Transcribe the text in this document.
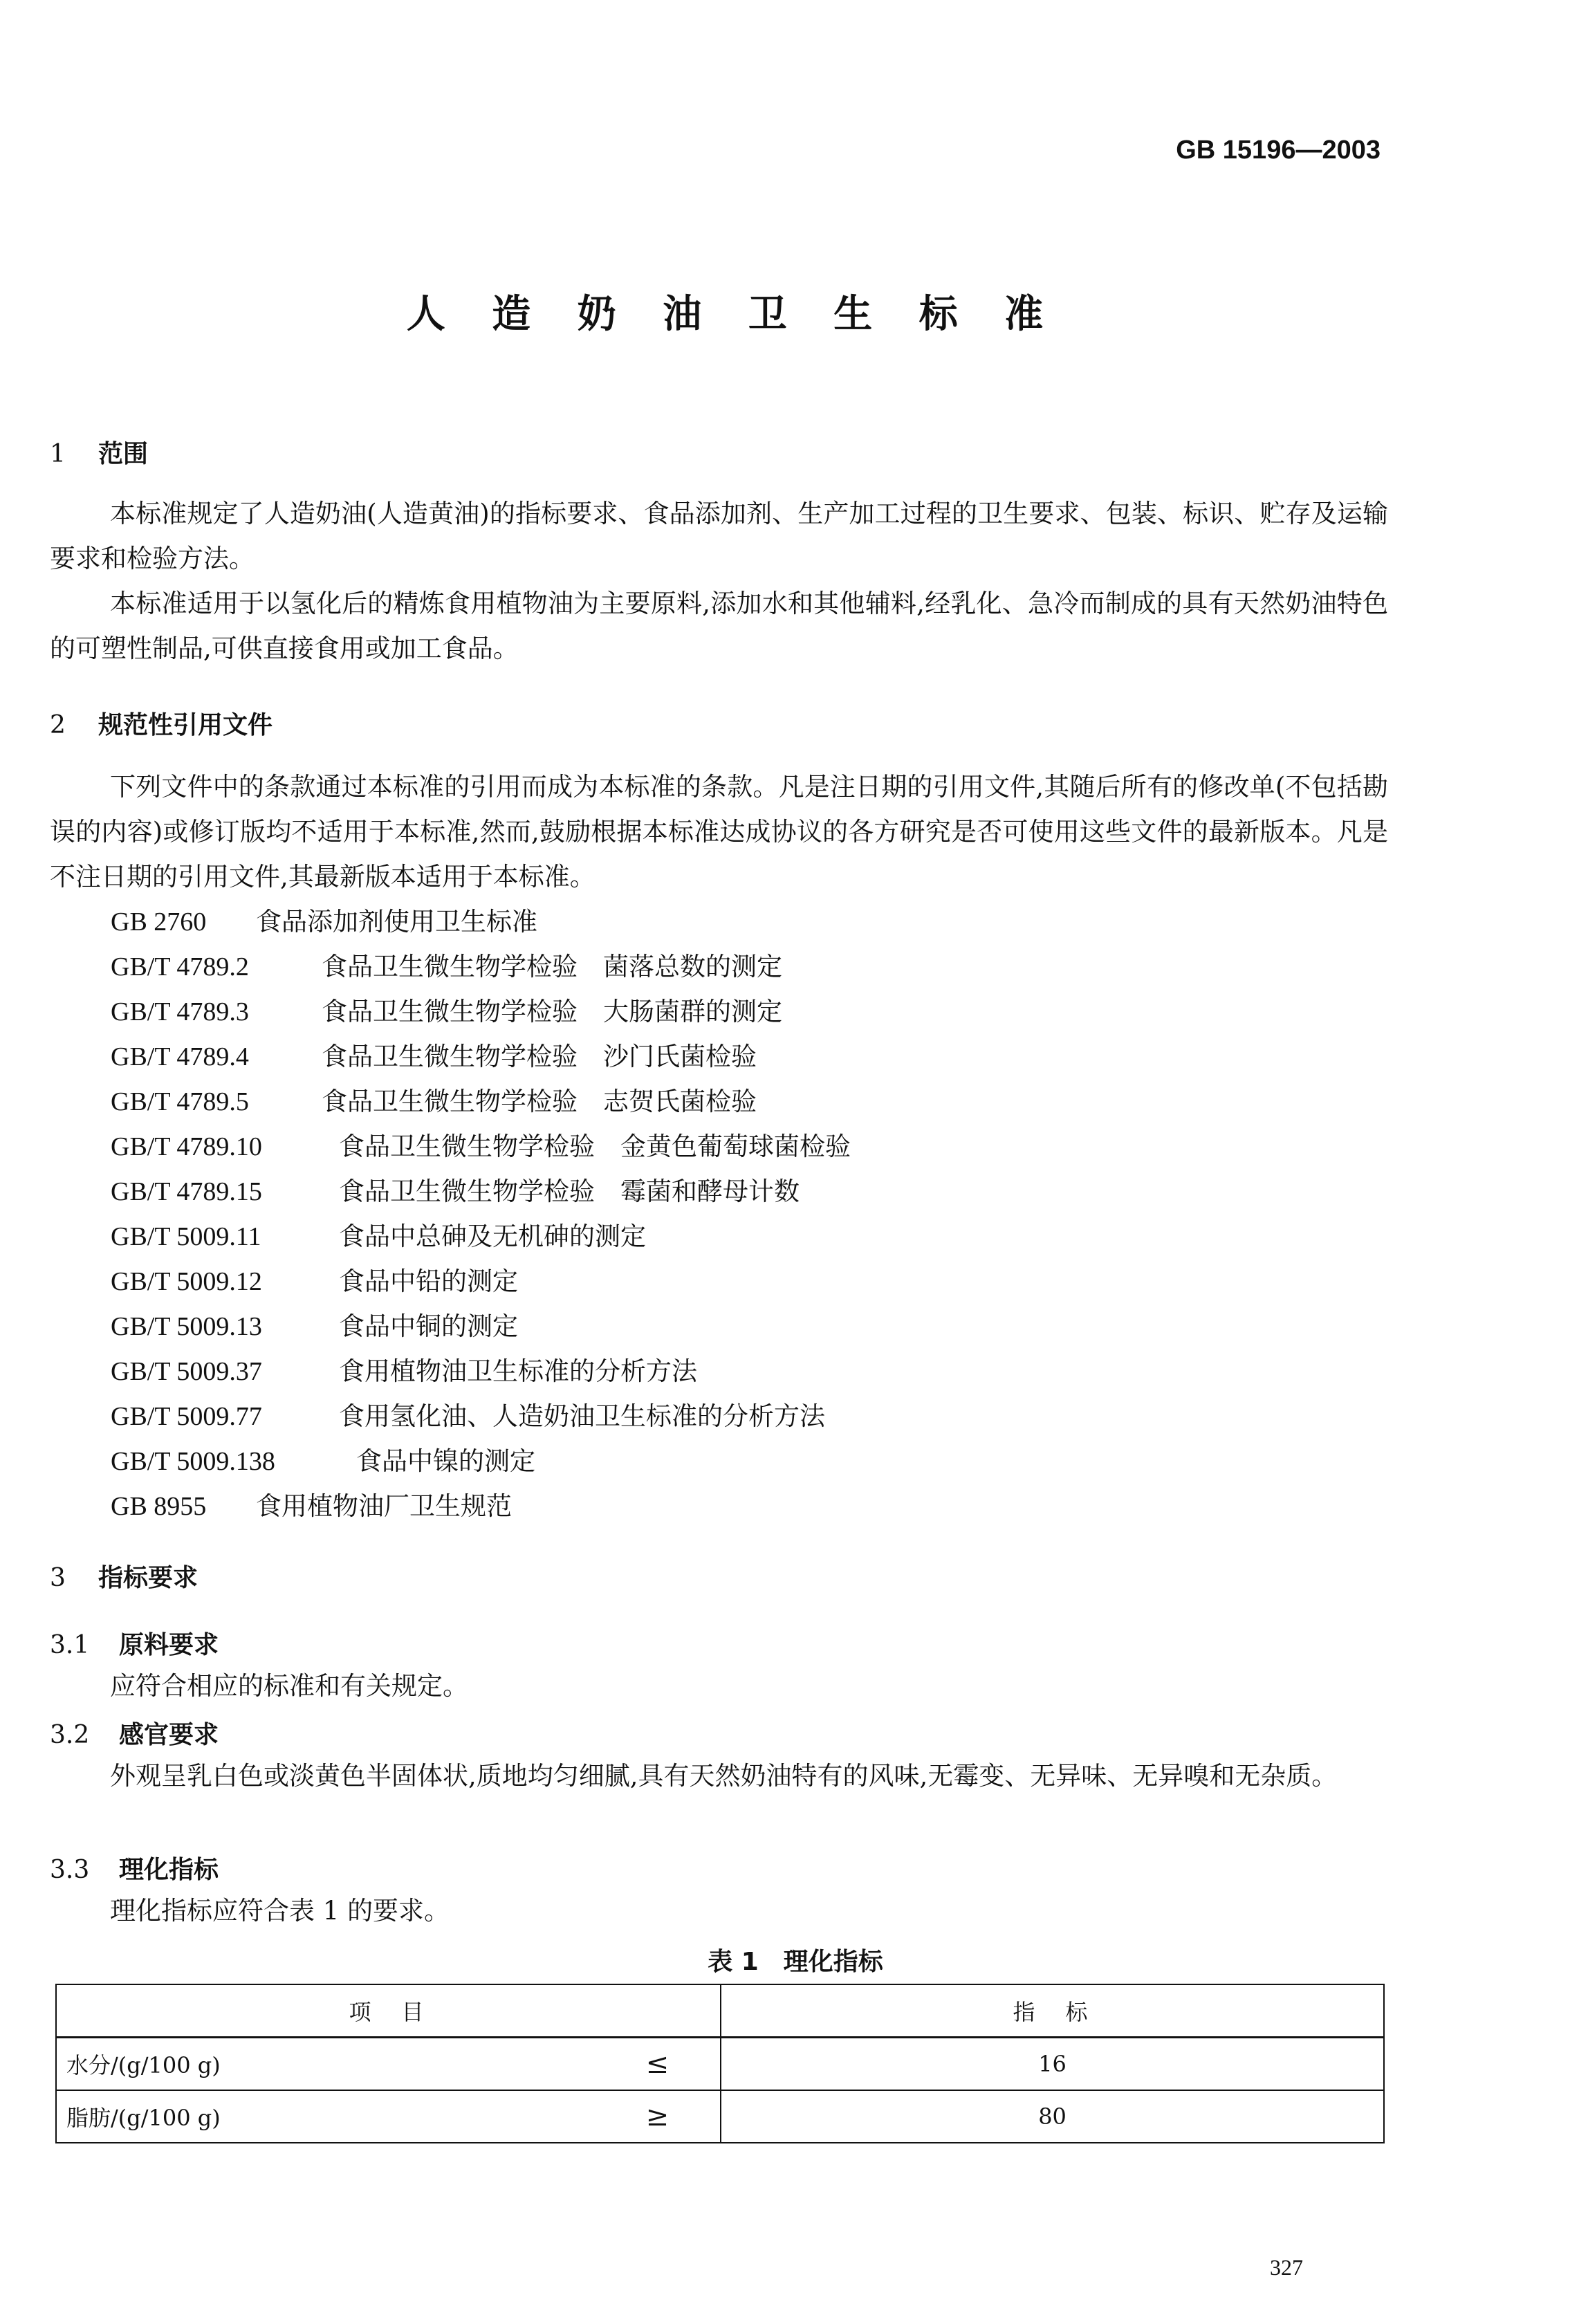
GB 15196—2003
人 造 奶 油 卫 生 标 准
1 范围
本标准规定了人造奶油(人造黄油)的指标要求、食品添加剂、生产加工过程的卫生要求、包装、标识、贮存及运输要求和检验方法。
本标准适用于以氢化后的精炼食用植物油为主要原料,添加水和其他辅料,经乳化、急冷而制成的具有天然奶油特色的可塑性制品,可供直接食用或加工食品。
2 规范性引用文件
下列文件中的条款通过本标准的引用而成为本标准的条款。凡是注日期的引用文件,其随后所有的修改单(不包括勘误的内容)或修订版均不适用于本标准,然而,鼓励根据本标准达成协议的各方研究是否可使用这些文件的最新版本。凡是不注日期的引用文件,其最新版本适用于本标准。
GB 2760 食品添加剂使用卫生标准
GB/T 4789.2	食品卫生微生物学检验　菌落总数的测定
GB/T 4789.3	食品卫生微生物学检验　大肠菌群的测定
GB/T 4789.4	食品卫生微生物学检验　沙门氏菌检验
GB/T 4789.5	食品卫生微生物学检验　志贺氏菌检验
GB/T 4789.10	食品卫生微生物学检验　金黄色葡萄球菌检验
GB/T 4789.15	食品卫生微生物学检验　霉菌和酵母计数
GB/T 5009.11	食品中总砷及无机砷的测定
GB/T 5009.12	食品中铅的测定
GB/T 5009.13	食品中铜的测定
GB/T 5009.37	食用植物油卫生标准的分析方法
GB/T 5009.77	食用氢化油、人造奶油卫生标准的分析方法
GB/T 5009.138	食品中镍的测定
GB 8955 食用植物油厂卫生规范
3 指标要求
3.1 原料要求
应符合相应的标准和有关规定。
3.2 感官要求
外观呈乳白色或淡黄色半固体状,质地均匀细腻,具有天然奶油特有的风味,无霉变、无异味、无异嗅和无杂质。
3.3 理化指标
理化指标应符合表 1 的要求。
表 1　理化指标
项　目	指　标

水分/(g/100 g) ≤	16

脂肪/(g/100 g) ≥	80
327
